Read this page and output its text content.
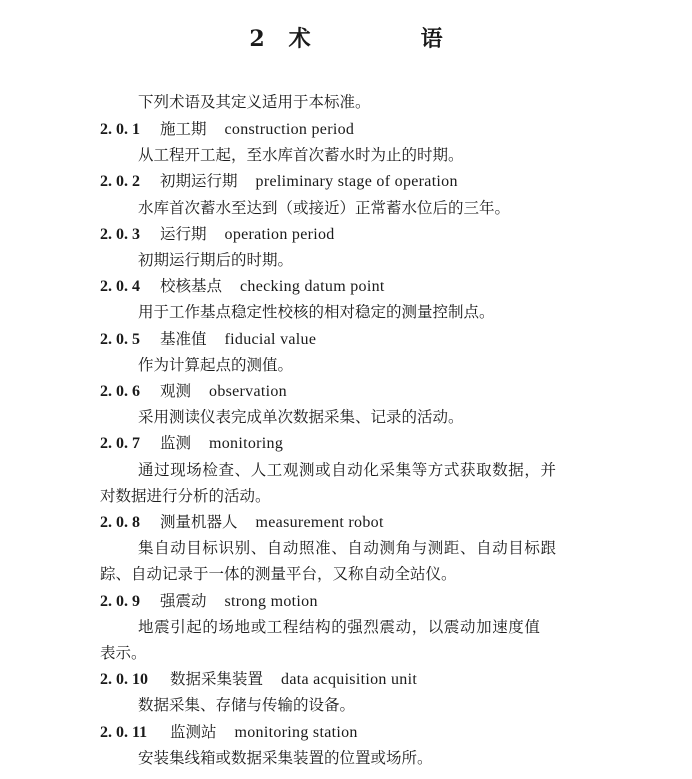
2 术　语
下列术语及其定义适用于本标准。
2. 0. 1 施工期 construction period
从工程开工起，至水库首次蓄水时为止的时期。
2. 0. 2 初期运行期 preliminary stage of operation
水库首次蓄水至达到（或接近）正常蓄水位后的三年。
2. 0. 3 运行期 operation period
初期运行期后的时期。
2. 0. 4 校核基点 checking datum point
用于工作基点稳定性校核的相对稳定的测量控制点。
2. 0. 5 基准值 fiducial value
作为计算起点的测值。
2. 0. 6 观测 observation
采用测读仪表完成单次数据采集、记录的活动。
2. 0. 7 监测 monitoring
通过现场检查、人工观测或自动化采集等方式获取数据，并
对数据进行分析的活动。
2. 0. 8 测量机器人 measurement robot
集自动目标识别、自动照准、自动测角与测距、自动目标跟
踪、自动记录于一体的测量平台，又称自动全站仪。
2. 0. 9 强震动 strong motion
地震引起的场地或工程结构的强烈震动，以震动加速度值
表示。
2. 0. 10 数据采集装置 data acquisition unit
数据采集、存储与传输的设备。
2. 0. 11 监测站 monitoring station
安装集线箱或数据采集装置的位置或场所。
